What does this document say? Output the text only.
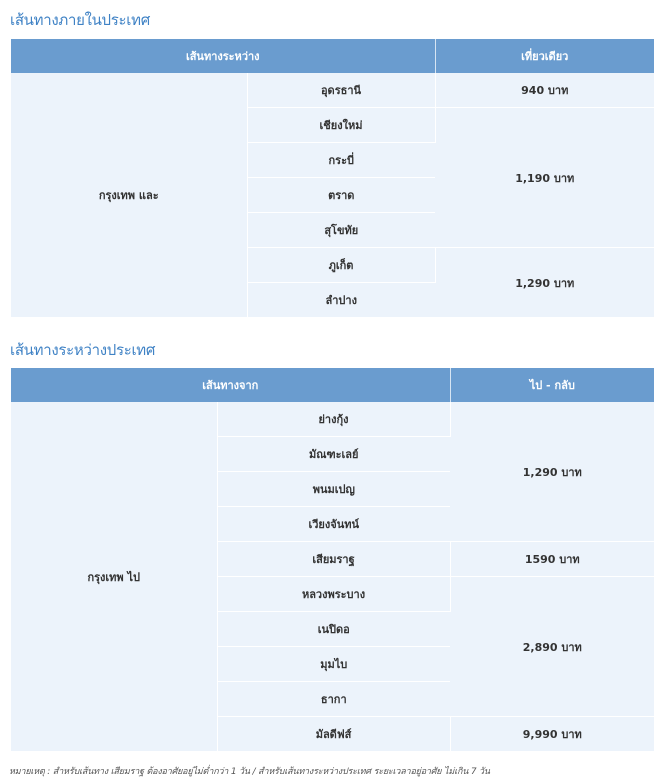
เส้นทางภายในประเทศ
เส้นทางระหว่าง		เที่ยวเดียว
กรุงเทพ และ	อุดรธานี	940 บาท
	เชียงใหม่	1,190 บาท
	กระบี่	
	ตราด	
	สุโขทัย	
	ภูเก็ต	1,290 บาท
	ลำปาง	
เส้นทางระหว่างประเทศ
เส้นทางจาก		ไป - กลับ
กรุงเทพ ไป	ย่างกุ้ง	1,290 บาท
	มัณฑะเลย์	
	พนมเปญ	
	เวียงจันทน์	
	เสียมราฐ	1590 บาท
	หลวงพระบาง	2,890 บาท
	เนปิดอ	
	มุมไบ	
	ธากา	
	มัลดีฟส์	9,990 บาท
หมายเหตุ : สำหรับเส้นทาง เสียมราฐ ต้องอาศัยอยู่ไม่ต่ำกว่า 1 วัน / สำหรับเส้นทางระหว่างประเทศ ระยะเวลาอยู่อาศัย ไม่เกิน 7 วัน
